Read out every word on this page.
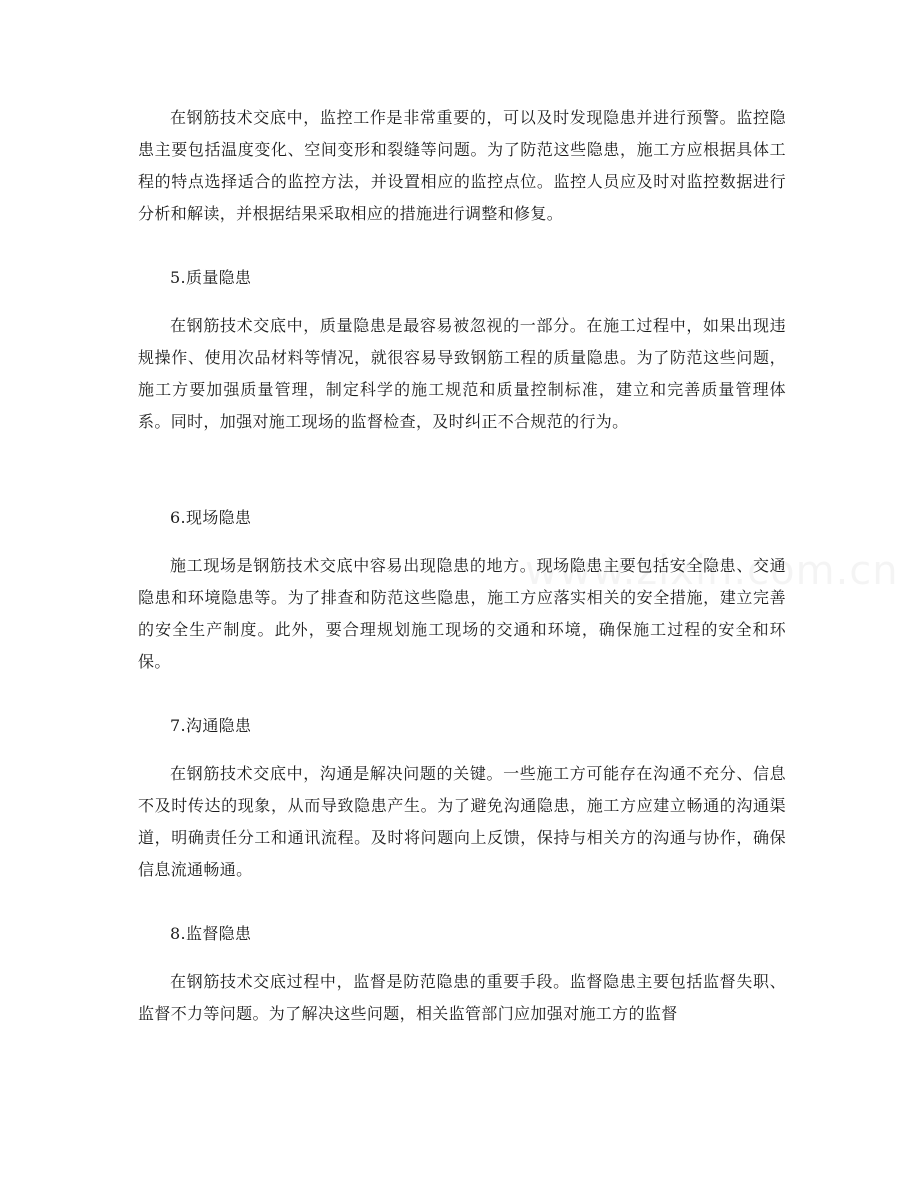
在钢筋技术交底中，监控工作是非常重要的，可以及时发现隐患并进行预警。监控隐患主要包括温度变化、空间变形和裂缝等问题。为了防范这些隐患，施工方应根据具体工程的特点选择适合的监控方法，并设置相应的监控点位。监控人员应及时对监控数据进行分析和解读，并根据结果采取相应的措施进行调整和修复。

5.质量隐患

在钢筋技术交底中，质量隐患是最容易被忽视的一部分。在施工过程中，如果出现违规操作、使用次品材料等情况，就很容易导致钢筋工程的质量隐患。为了防范这些问题，施工方要加强质量管理，制定科学的施工规范和质量控制标准，建立和完善质量管理体系。同时，加强对施工现场的监督检查，及时纠正不合规范的行为。

6.现场隐患

施工现场是钢筋技术交底中容易出现隐患的地方。现场隐患主要包括安全隐患、交通隐患和环境隐患等。为了排查和防范这些隐患，施工方应落实相关的安全措施，建立完善的安全生产制度。此外，要合理规划施工现场的交通和环境，确保施工过程的安全和环保。

7.沟通隐患

在钢筋技术交底中，沟通是解决问题的关键。一些施工方可能存在沟通不充分、信息不及时传达的现象，从而导致隐患产生。为了避免沟通隐患，施工方应建立畅通的沟通渠道，明确责任分工和通讯流程。及时将问题向上反馈，保持与相关方的沟通与协作，确保信息流通畅通。

8.监督隐患

在钢筋技术交底过程中，监督是防范隐患的重要手段。监督隐患主要包括监督失职、监督不力等问题。为了解决这些问题，相关监管部门应加强对施工方的监督
